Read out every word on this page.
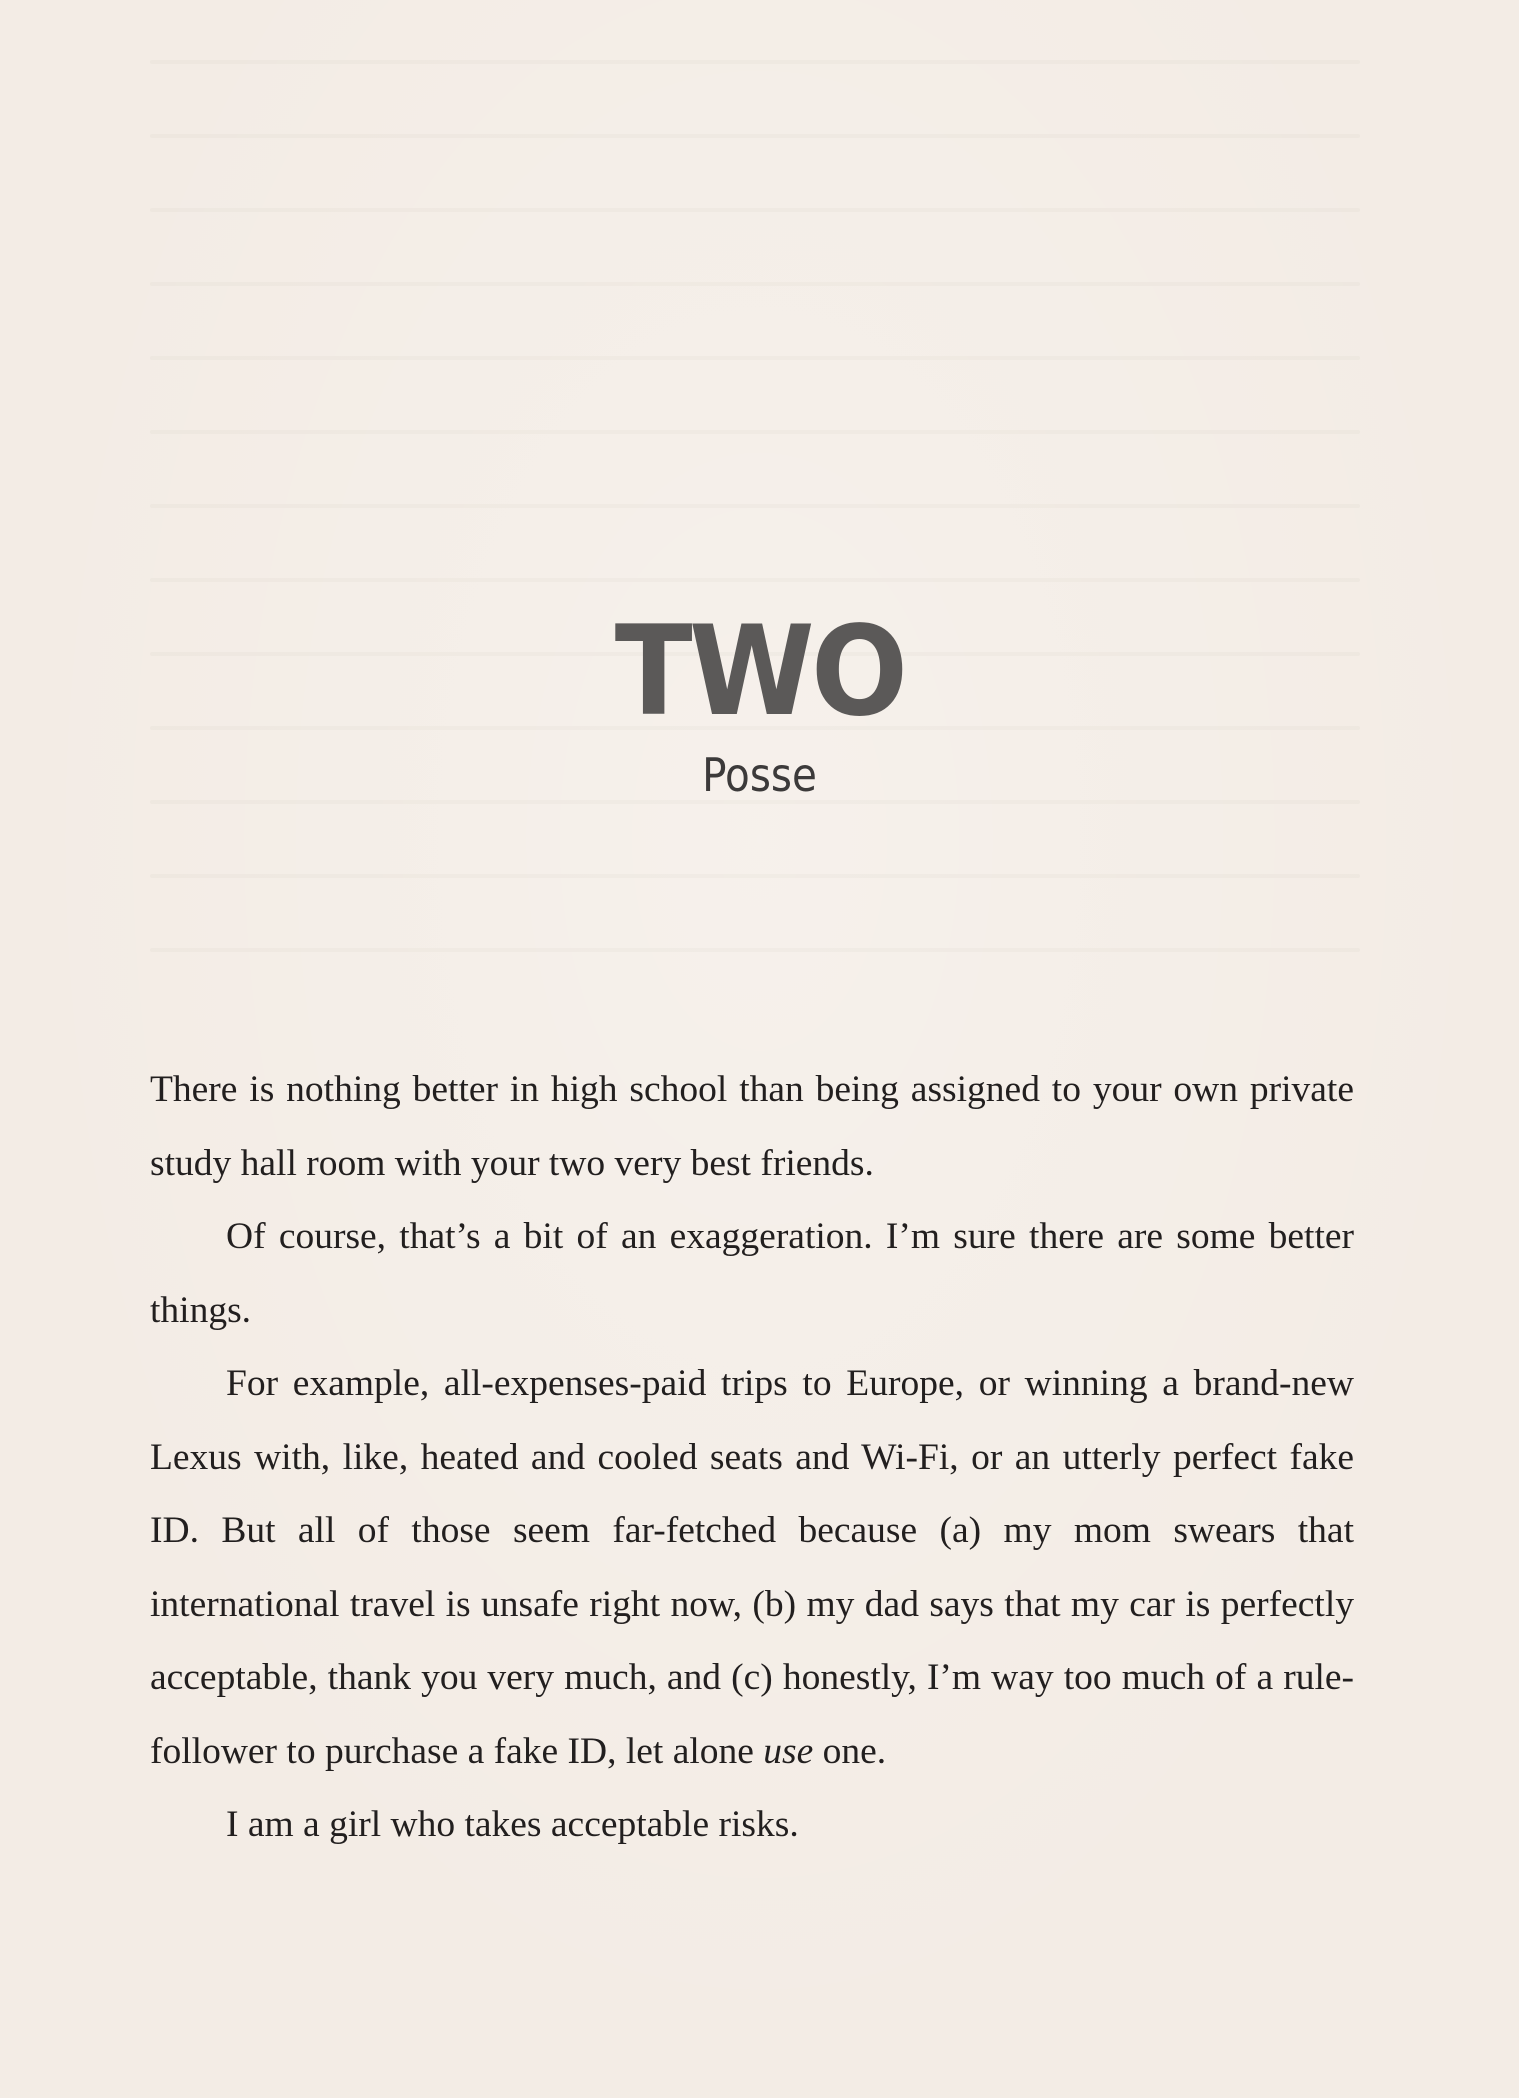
TWO
Posse

There is nothing better in high school than being assigned to your own private study hall room with your two very best friends.

Of course, that’s a bit of an exaggeration. I’m sure there are some better things.

For example, all-expenses-paid trips to Europe, or winning a brand-new Lexus with, like, heated and cooled seats and Wi-Fi, or an utterly perfect fake ID. But all of those seem far-fetched because (a) my mom swears that international travel is unsafe right now, (b) my dad says that my car is perfectly acceptable, thank you very much, and (c) honestly, I’m way too much of a rule-follower to purchase a fake ID, let alone use one.

I am a girl who takes acceptable risks.
